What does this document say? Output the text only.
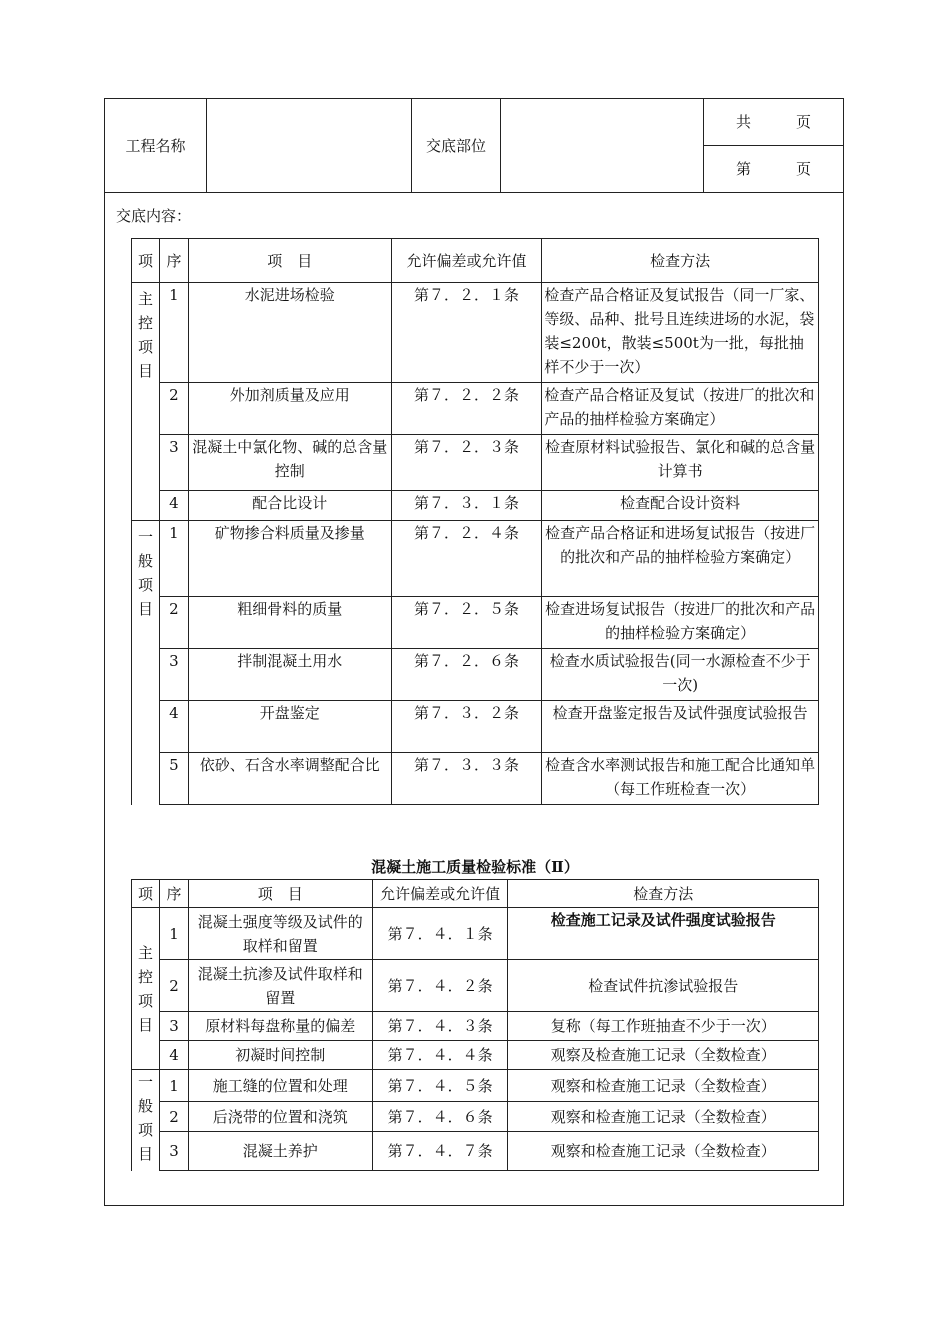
工程名称		交底部位		共　　　页
第　　　页
交底内容：
项	序	项　目	允许偏差或允许值	检查方法
主控项目	1	水泥进场检验	第７．２．１条	检查产品合格证及复试报告（同一厂家、等级、品种、批号且连续进场的水泥，袋装≤200t，散装≤500t为一批，每批抽样不少于一次）
	2	外加剂质量及应用	第７．２．２条	检查产品合格证及复试（按进厂的批次和产品的抽样检验方案确定）
	3	混凝土中氯化物、碱的总含量控制	第７．２．３条	检查原材料试验报告、氯化和碱的总含量计算书
	4	配合比设计	第７．３．１条	检查配合设计资料
一般项目	1	矿物掺合料质量及掺量	第７．２．４条	检查产品合格证和进场复试报告（按进厂的批次和产品的抽样检验方案确定）
	2	粗细骨料的质量	第７．２．５条	检查进场复试报告（按进厂的批次和产品的抽样检验方案确定）
	3	拌制混凝土用水	第７．２．６条	检查水质试验报告(同一水源检查不少于一次)
	4	开盘鉴定	第７．３．２条	检查开盘鉴定报告及试件强度试验报告
	5	依砂、石含水率调整配合比	第７．３．３条	检查含水率测试报告和施工配合比通知单（每工作班检查一次）
混凝土施工质量检验标准（Ⅱ）
项	序	项　目	允许偏差或允许值	检查方法
主控项目	1	混凝土强度等级及试件的取样和留置	第７．４．１条	检查施工记录及试件强度试验报告
	2	混凝土抗渗及试件取样和留置	第７．４．２条	检查试件抗渗试验报告
	3	原材料每盘称量的偏差	第７．４．３条	复称（每工作班抽查不少于一次）
	4	初凝时间控制	第７．４．４条	观察及检查施工记录（全数检查）
一般项目	1	施工缝的位置和处理	第７．４．５条	观察和检查施工记录（全数检查）
	2	后浇带的位置和浇筑	第７．４．６条	观察和检查施工记录（全数检查）
	3	混凝土养护	第７．４．７条	观察和检查施工记录（全数检查）
